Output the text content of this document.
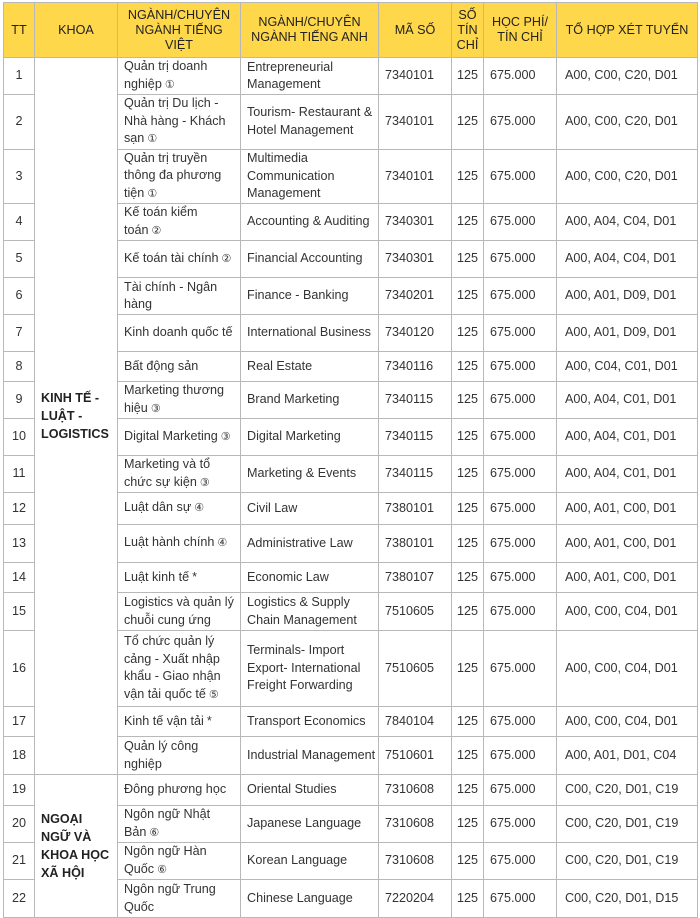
TT	KHOA	NGÀNH/CHUYÊN NGÀNH TIẾNG VIỆT	NGÀNH/CHUYÊN NGÀNH TIẾNG ANH	MÃ SỐ	SỐ TÍN CHỈ	HỌC PHÍ/ TÍN CHỈ	TỔ HỢP XÉT TUYỂN
1	KINH TẾ - LUẬT - LOGISTICS	Quản trị doanh nghiệp ①	Entrepreneurial Management	7340101	125	675.000	A00, C00, C20, D01
2		Quản trị Du lịch - Nhà hàng - Khách sạn ①	Tourism- Restaurant & Hotel Management	7340101	125	675.000	A00, C00, C20, D01
3		Quản trị truyền thông đa phương tiện ①	Multimedia Communication Management	7340101	125	675.000	A00, C00, C20, D01
4		Kế toán kiểm toán ②	Accounting & Auditing	7340301	125	675.000	A00, A04, C04, D01
5		Kế toán tài chính ②	Financial Accounting	7340301	125	675.000	A00, A04, C04, D01
6		Tài chính - Ngân hàng	Finance - Banking	7340201	125	675.000	A00, A01, D09, D01
7		Kinh doanh quốc tế	International Business	7340120	125	675.000	A00, A01, D09, D01
8		Bất động sản	Real Estate	7340116	125	675.000	A00, C04, C01, D01
9		Marketing thương hiệu ③	Brand Marketing	7340115	125	675.000	A00, A04, C01, D01
10		Digital Marketing ③	Digital Marketing	7340115	125	675.000	A00, A04, C01, D01
11		Marketing và tổ chức sự kiện ③	Marketing & Events	7340115	125	675.000	A00, A04, C01, D01
12		Luật dân sự ④	Civil Law	7380101	125	675.000	A00, A01, C00, D01
13		Luật hành chính ④	Administrative Law	7380101	125	675.000	A00, A01, C00, D01
14		Luật kinh tế *	Economic Law	7380107	125	675.000	A00, A01, C00, D01
15		Logistics và quản lý chuỗi cung ứng	Logistics & Supply Chain Management	7510605	125	675.000	A00, C00, C04, D01
16		Tổ chức quản lý cảng - Xuất nhập khẩu - Giao nhận vận tải quốc tế ⑤	Terminals- Import Export- International Freight Forwarding	7510605	125	675.000	A00, C00, C04, D01
17		Kinh tế vận tải *	Transport Economics	7840104	125	675.000	A00, C00, C04, D01
18		Quản lý công nghiệp	Industrial Management	7510601	125	675.000	A00, A01, D01, C04
19	NGOẠI NGỮ VÀ KHOA HỌC XÃ HỘI	Đông phương học	Oriental Studies	7310608	125	675.000	C00, C20, D01, C19
20		Ngôn ngữ Nhật Bản ⑥	Japanese Language	7310608	125	675.000	C00, C20, D01, C19
21		Ngôn ngữ Hàn Quốc ⑥	Korean Language	7310608	125	675.000	C00, C20, D01, C19
22		Ngôn ngữ Trung Quốc	Chinese Language	7220204	125	675.000	C00, C20, D01, D15
